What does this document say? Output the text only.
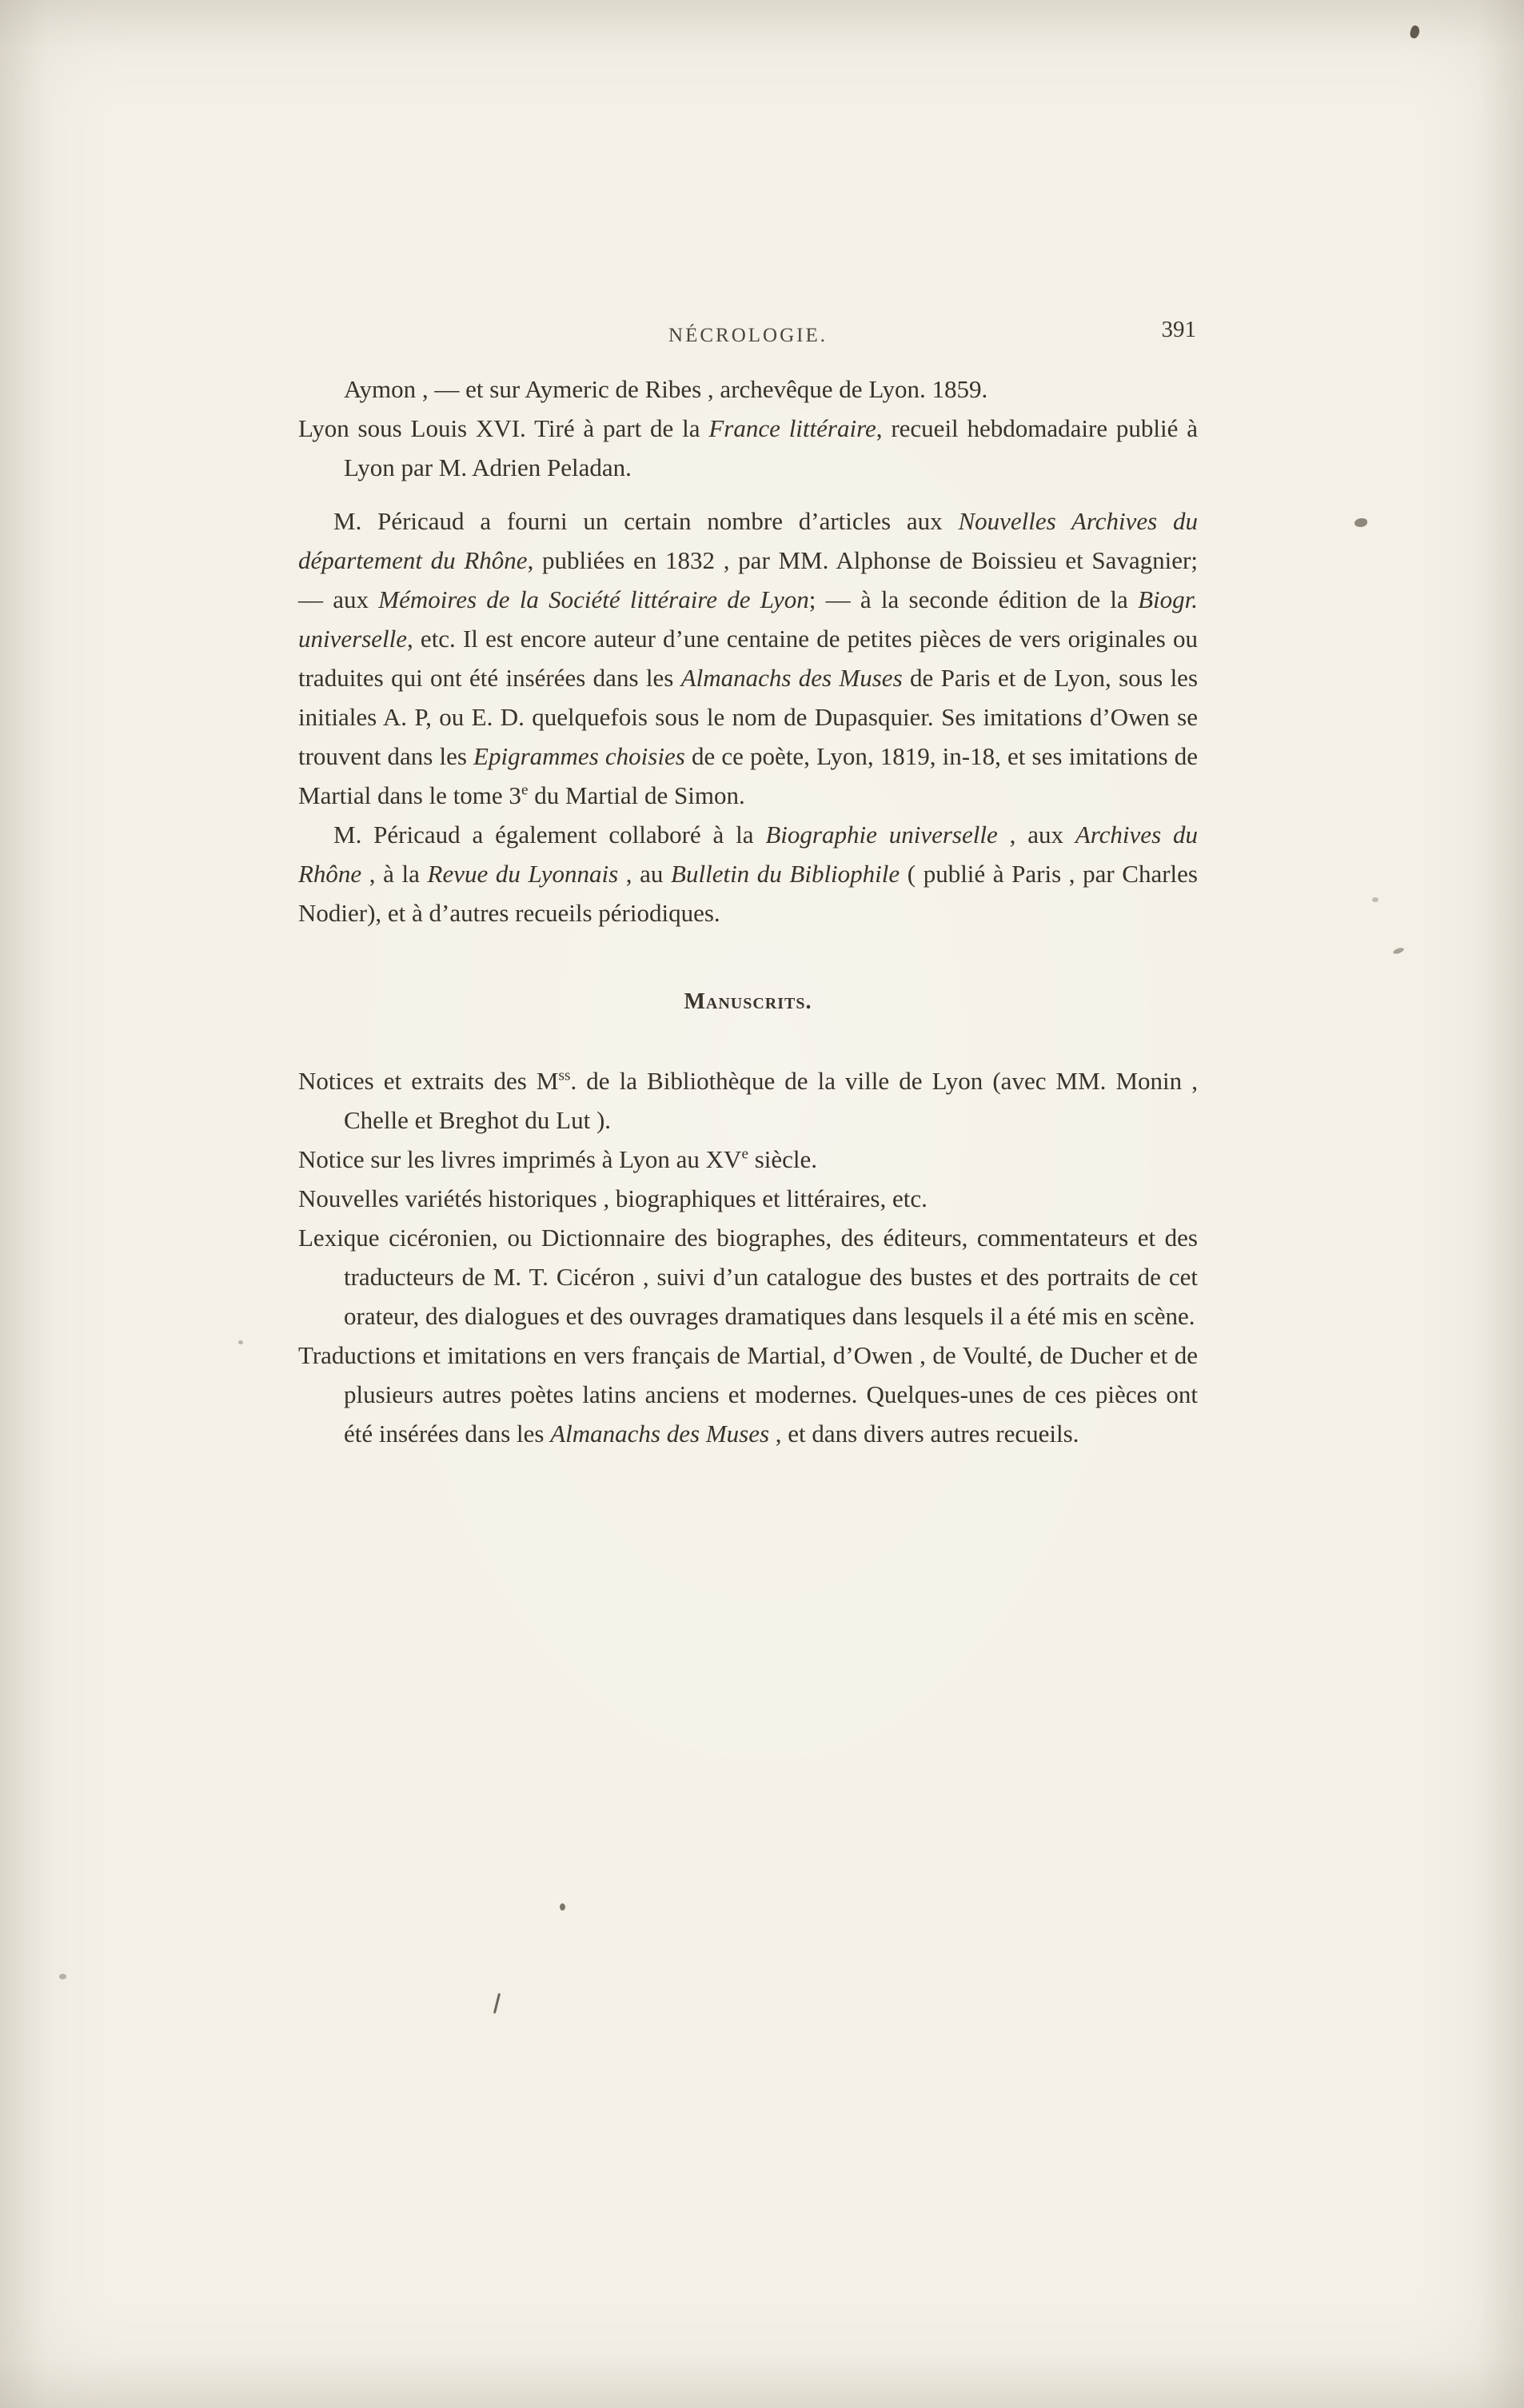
NÉCROLOGIE.	391

Aymon , — et sur Aymeric de Ribes , archevêque de Lyon. 1859.

Lyon sous Louis XVI. Tiré à part de la France littéraire, recueil hebdomadaire publié à Lyon par M. Adrien Peladan.

M. Péricaud a fourni un certain nombre d’articles aux Nouvelles Archives du département du Rhône, publiées en 1832 , par MM. Alphonse de Boissieu et Savagnier; — aux Mémoires de la Société littéraire de Lyon; — à la seconde édition de la Biogr. universelle, etc. Il est encore auteur d’une centaine de petites pièces de vers originales ou traduites qui ont été insérées dans les Almanachs des Muses de Paris et de Lyon, sous les initiales A. P, ou E. D. quelquefois sous le nom de Dupasquier. Ses imitations d’Owen se trouvent dans les Epigrammes choisies de ce poète, Lyon, 1819, in-18, et ses imitations de Martial dans le tome 3e du Martial de Simon.

M. Péricaud a également collaboré à la Biographie universelle , aux Archives du Rhône , à la Revue du Lyonnais , au Bulletin du Bibliophile ( publié à Paris , par Charles Nodier), et à d’autres recueils périodiques.

Manuscrits.

Notices et extraits des $M^{ss}$. de la Bibliothèque de la ville de Lyon (avec MM. Monin , Chelle et Breghot du Lut ).

Notice sur les livres imprimés à Lyon au XVe siècle.

Nouvelles variétés historiques , biographiques et littéraires, etc.

Lexique cicéronien, ou Dictionnaire des biographes, des éditeurs, commentateurs et des traducteurs de M. T. Cicéron , suivi d’un catalogue des bustes et des portraits de cet orateur, des dialogues et des ouvrages dramatiques dans lesquels il a été mis en scène.

Traductions et imitations en vers français de Martial, d’Owen , de Voulté, de Ducher et de plusieurs autres poètes latins anciens et modernes. Quelques-unes de ces pièces ont été insérées dans les Almanachs des Muses , et dans divers autres recueils.
